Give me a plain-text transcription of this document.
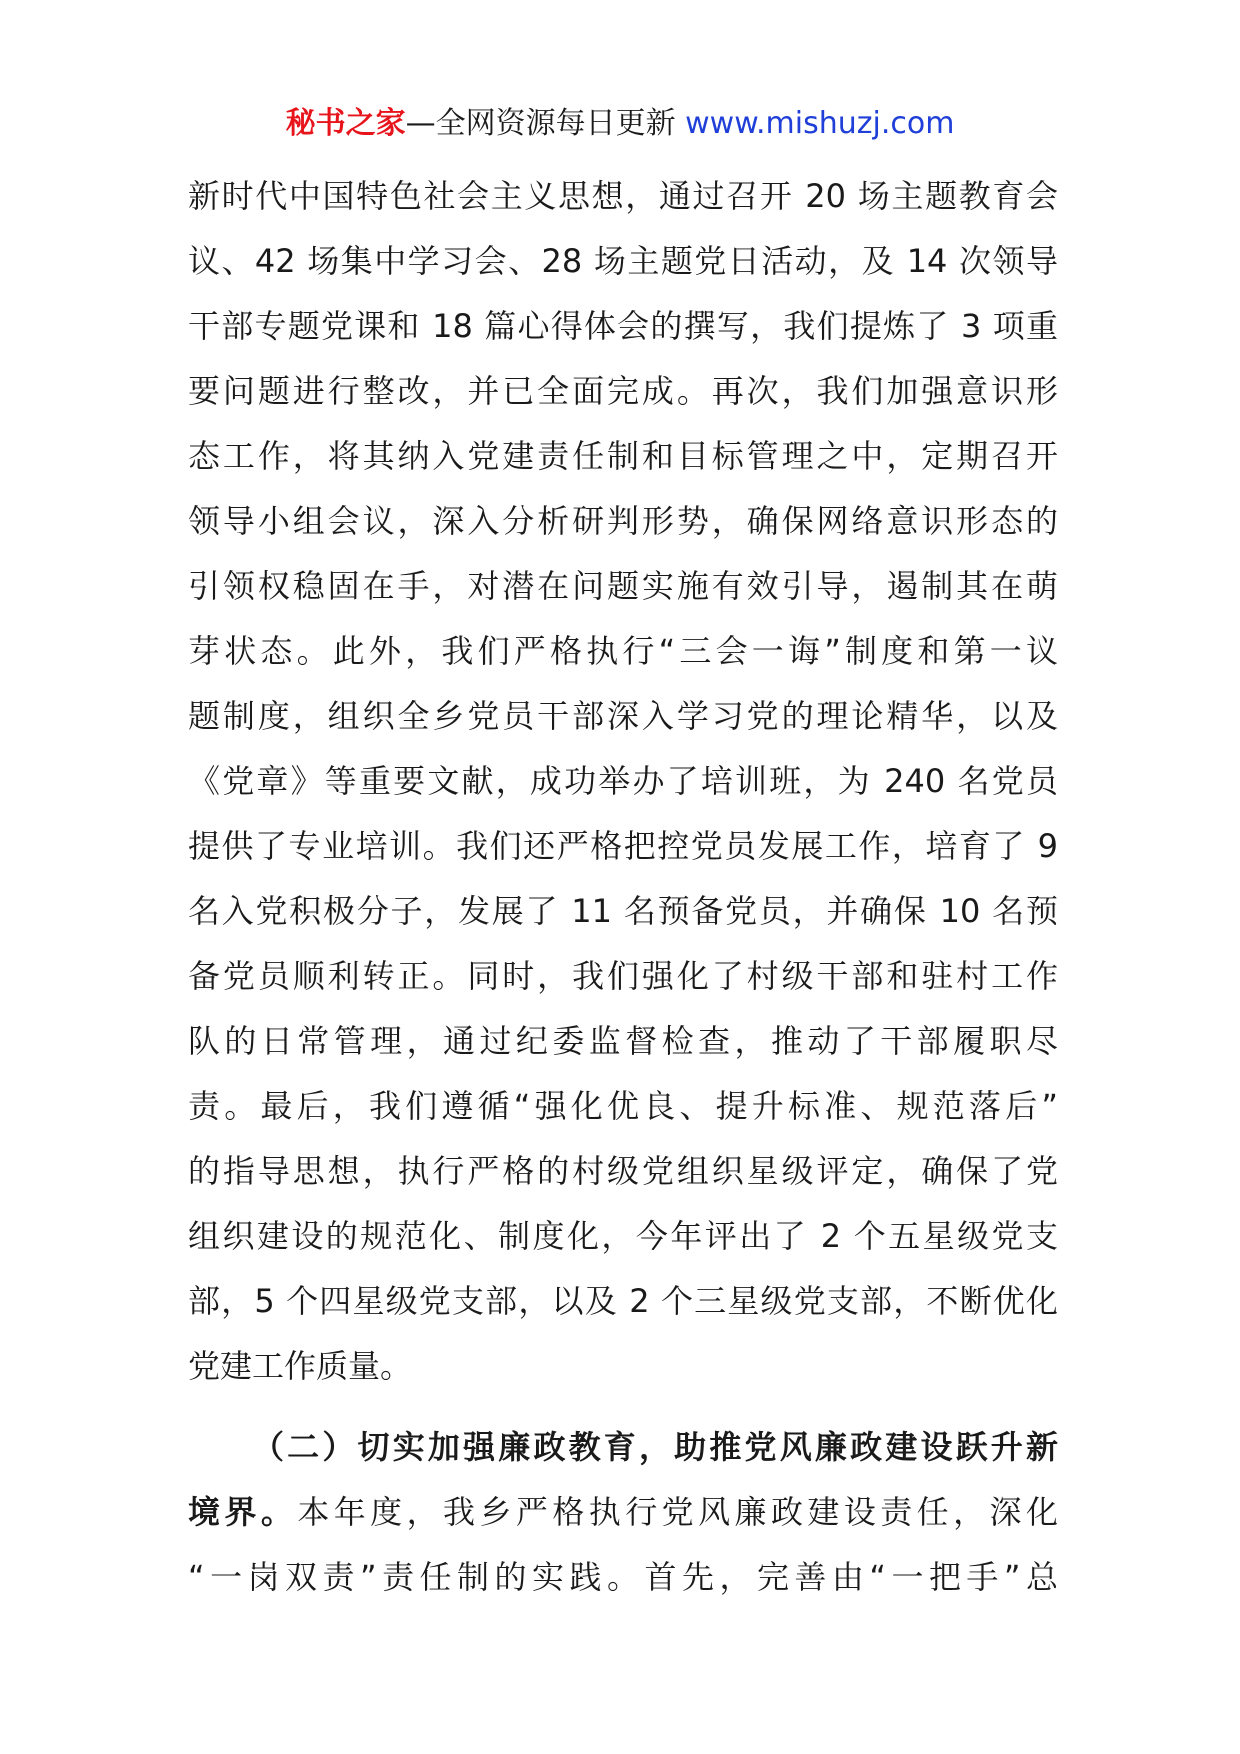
秘书之家—全网资源每日更新 www.mishuzj.com
新时代中国特色社会主义思想，通过召开 20 场主题教育会
议、42 场集中学习会、28 场主题党日活动，及 14 次领导
干部专题党课和 18 篇心得体会的撰写，我们提炼了 3 项重
要问题进行整改，并已全面完成。再次，我们加强意识形
态工作，将其纳入党建责任制和目标管理之中，定期召开
领导小组会议，深入分析研判形势，确保网络意识形态的
引领权稳固在手，对潜在问题实施有效引导，遏制其在萌
芽状态。此外，我们严格执行“三会一诲”制度和第一议
题制度，组织全乡党员干部深入学习党的理论精华，以及
《党章》等重要文献，成功举办了培训班，为 240 名党员
提供了专业培训。我们还严格把控党员发展工作，培育了 9
名入党积极分子，发展了 11 名预备党员，并确保 10 名预
备党员顺利转正。同时，我们强化了村级干部和驻村工作
队的日常管理，通过纪委监督检查，推动了干部履职尽
责。最后，我们遵循“强化优良、提升标准、规范落后”
的指导思想，执行严格的村级党组织星级评定，确保了党
组织建设的规范化、制度化，今年评出了 2 个五星级党支
部，5 个四星级党支部，以及 2 个三星级党支部，不断优化
党建工作质量。
（二）切实加强廉政教育，助推党风廉政建设跃升新
境界。本年度，我乡严格执行党风廉政建设责任，深化
“一岗双责”责任制的实践。首先，完善由“一把手”总
